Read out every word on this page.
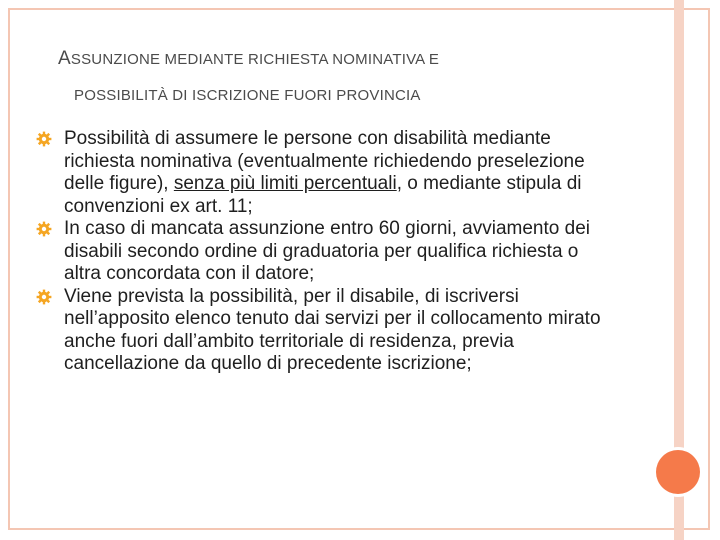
ASSUNZIONE MEDIANTE RICHIESTA NOMINATIVA E
POSSIBILITÀ DI ISCRIZIONE FUORI PROVINCIA
Possibilità di assumere le persone con disabilità mediante richiesta nominativa (eventualmente richiedendo preselezione delle figure), senza più limiti percentuali, o mediante stipula di convenzioni ex art. 11;
In caso di mancata assunzione entro 60 giorni, avviamento dei disabili secondo ordine di graduatoria per qualifica richiesta o altra concordata con il datore;
Viene prevista la possibilità, per il disabile, di iscriversi nell’apposito elenco tenuto dai servizi per il collocamento mirato anche fuori dall’ambito territoriale di residenza, previa cancellazione da quello di precedente iscrizione;
